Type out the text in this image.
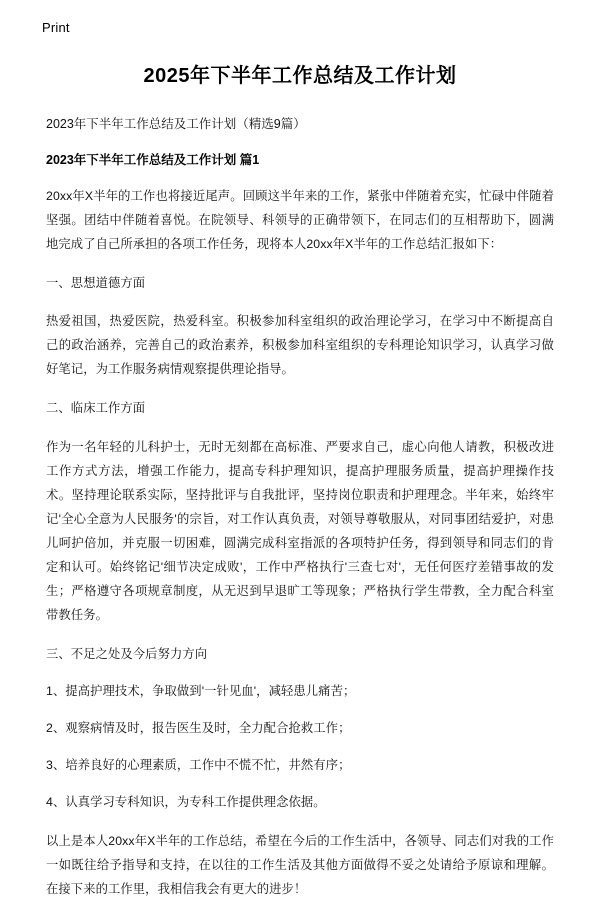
Print
2025年下半年工作总结及工作计划

2023年下半年工作总结及工作计划（精选9篇）

2023年下半年工作总结及工作计划 篇1

20xx年X半年的工作也将接近尾声。回顾这半年来的工作，紧张中伴随着充实，忙碌中伴随着坚强。团结中伴随着喜悦。在院领导、科领导的正确带领下，在同志们的互相帮助下，圆满地完成了自己所承担的各项工作任务，现将本人20xx年X半年的工作总结汇报如下：

一、思想道德方面

热爱祖国，热爱医院，热爱科室。积极参加科室组织的政治理论学习，在学习中不断提高自己的政治涵养，完善自己的政治素养，积极参加科室组织的专科理论知识学习，认真学习做好笔记，为工作服务病情观察提供理论指导。

二、临床工作方面

作为一名年轻的儿科护士，无时无刻都在高标准、严要求自己，虚心向他人请教，积极改进工作方式方法，增强工作能力，提高专科护理知识，提高护理服务质量，提高护理操作技术。坚持理论联系实际，坚持批评与自我批评，坚持岗位职责和护理理念。半年来，始终牢记'全心全意为人民服务'的宗旨，对工作认真负责，对领导尊敬服从，对同事团结爱护，对患儿呵护倍加，并克服一切困难，圆满完成科室指派的各项特护任务，得到领导和同志们的肯定和认可。始终铭记'细节决定成败'，工作中严格执行'三查七对'，无任何医疗差错事故的发生；严格遵守各项规章制度，从无迟到早退旷工等现象；严格执行学生带教，全力配合科室带教任务。

三、不足之处及今后努力方向

1、提高护理技术，争取做到'一针见血'，减轻患儿痛苦；

2、观察病情及时，报告医生及时，全力配合抢救工作；

3、培养良好的心理素质，工作中不慌不忙，井然有序；

4、认真学习专科知识，为专科工作提供理念依据。

以上是本人20xx年X半年的工作总结，希望在今后的工作生活中，各领导、同志们对我的工作一如既往给予指导和支持，在以往的工作生活及其他方面做得不妥之处请给予原谅和理解。在接下来的工作里，我相信我会有更大的进步！
